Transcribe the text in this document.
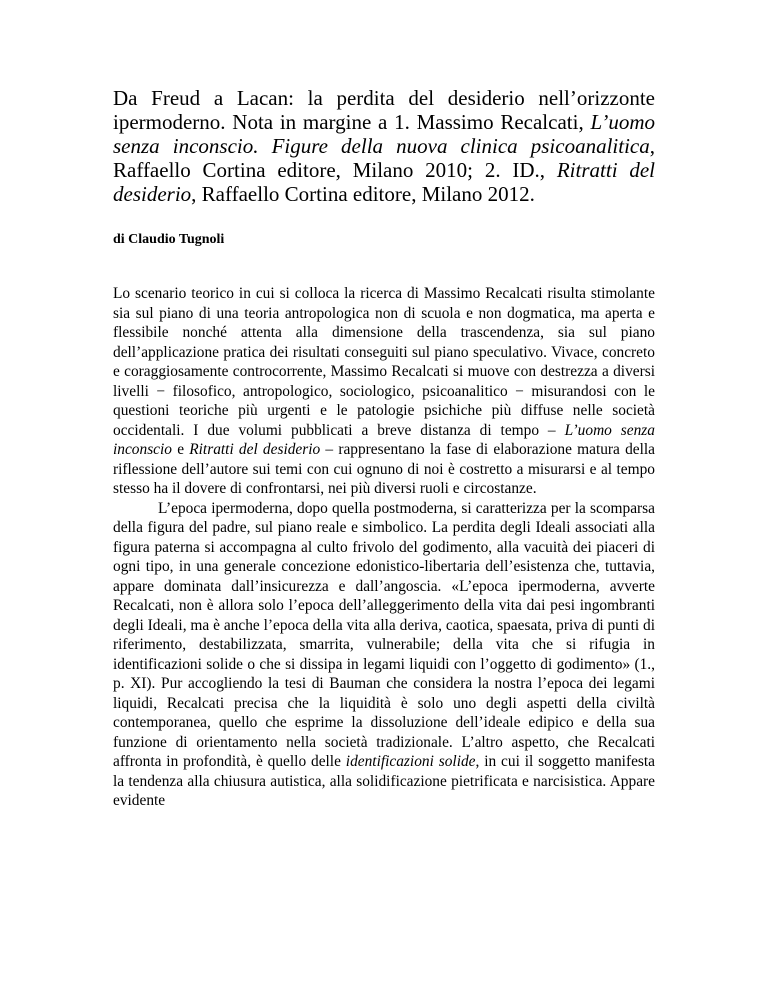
Da Freud a Lacan: la perdita del desiderio nell’orizzonte ipermoderno. Nota in margine a 1. Massimo Recalcati, L’uomo senza inconscio. Figure della nuova clinica psicoanalitica, Raffaello Cortina editore, Milano 2010; 2. ID., Ritratti del desiderio, Raffaello Cortina editore, Milano 2012.

di Claudio Tugnoli

Lo scenario teorico in cui si colloca la ricerca di Massimo Recalcati risulta stimolante sia sul piano di una teoria antropologica non di scuola e non dogmatica, ma aperta e flessibile nonché attenta alla dimensione della trascendenza, sia sul piano dell’applicazione pratica dei risultati conseguiti sul piano speculativo. Vivace, concreto e coraggiosamente controcorrente, Massimo Recalcati si muove con destrezza a diversi livelli − filosofico, antropologico, sociologico, psicoanalitico − misurandosi con le questioni teoriche più urgenti e le patologie psichiche più diffuse nelle società occidentali. I due volumi pubblicati a breve distanza di tempo – L’uomo senza inconscio e Ritratti del desiderio – rappresentano la fase di elaborazione matura della riflessione dell’autore sui temi con cui ognuno di noi è costretto a misurarsi e al tempo stesso ha il dovere di confrontarsi, nei più diversi ruoli e circostanze.

L’epoca ipermoderna, dopo quella postmoderna, si caratterizza per la scomparsa della figura del padre, sul piano reale e simbolico. La perdita degli Ideali associati alla figura paterna si accompagna al culto frivolo del godimento, alla vacuità dei piaceri di ogni tipo, in una generale concezione edonistico-libertaria dell’esistenza che, tuttavia, appare dominata dall’insicurezza e dall’angoscia. «L’epoca ipermoderna, avverte Recalcati, non è allora solo l’epoca dell’alleggerimento della vita dai pesi ingombranti degli Ideali, ma è anche l’epoca della vita alla deriva, caotica, spaesata, priva di punti di riferimento, destabilizzata, smarrita, vulnerabile; della vita che si rifugia in identificazioni solide o che si dissipa in legami liquidi con l’oggetto di godimento» (1., p. XI). Pur accogliendo la tesi di Bauman che considera la nostra l’epoca dei legami liquidi, Recalcati precisa che la liquidità è solo uno degli aspetti della civiltà contemporanea, quello che esprime la dissoluzione dell’ideale edipico e della sua funzione di orientamento nella società tradizionale. L’altro aspetto, che Recalcati affronta in profondità, è quello delle identificazioni solide, in cui il soggetto manifesta la tendenza alla chiusura autistica, alla solidificazione pietrificata e narcisistica. Appare evidente
